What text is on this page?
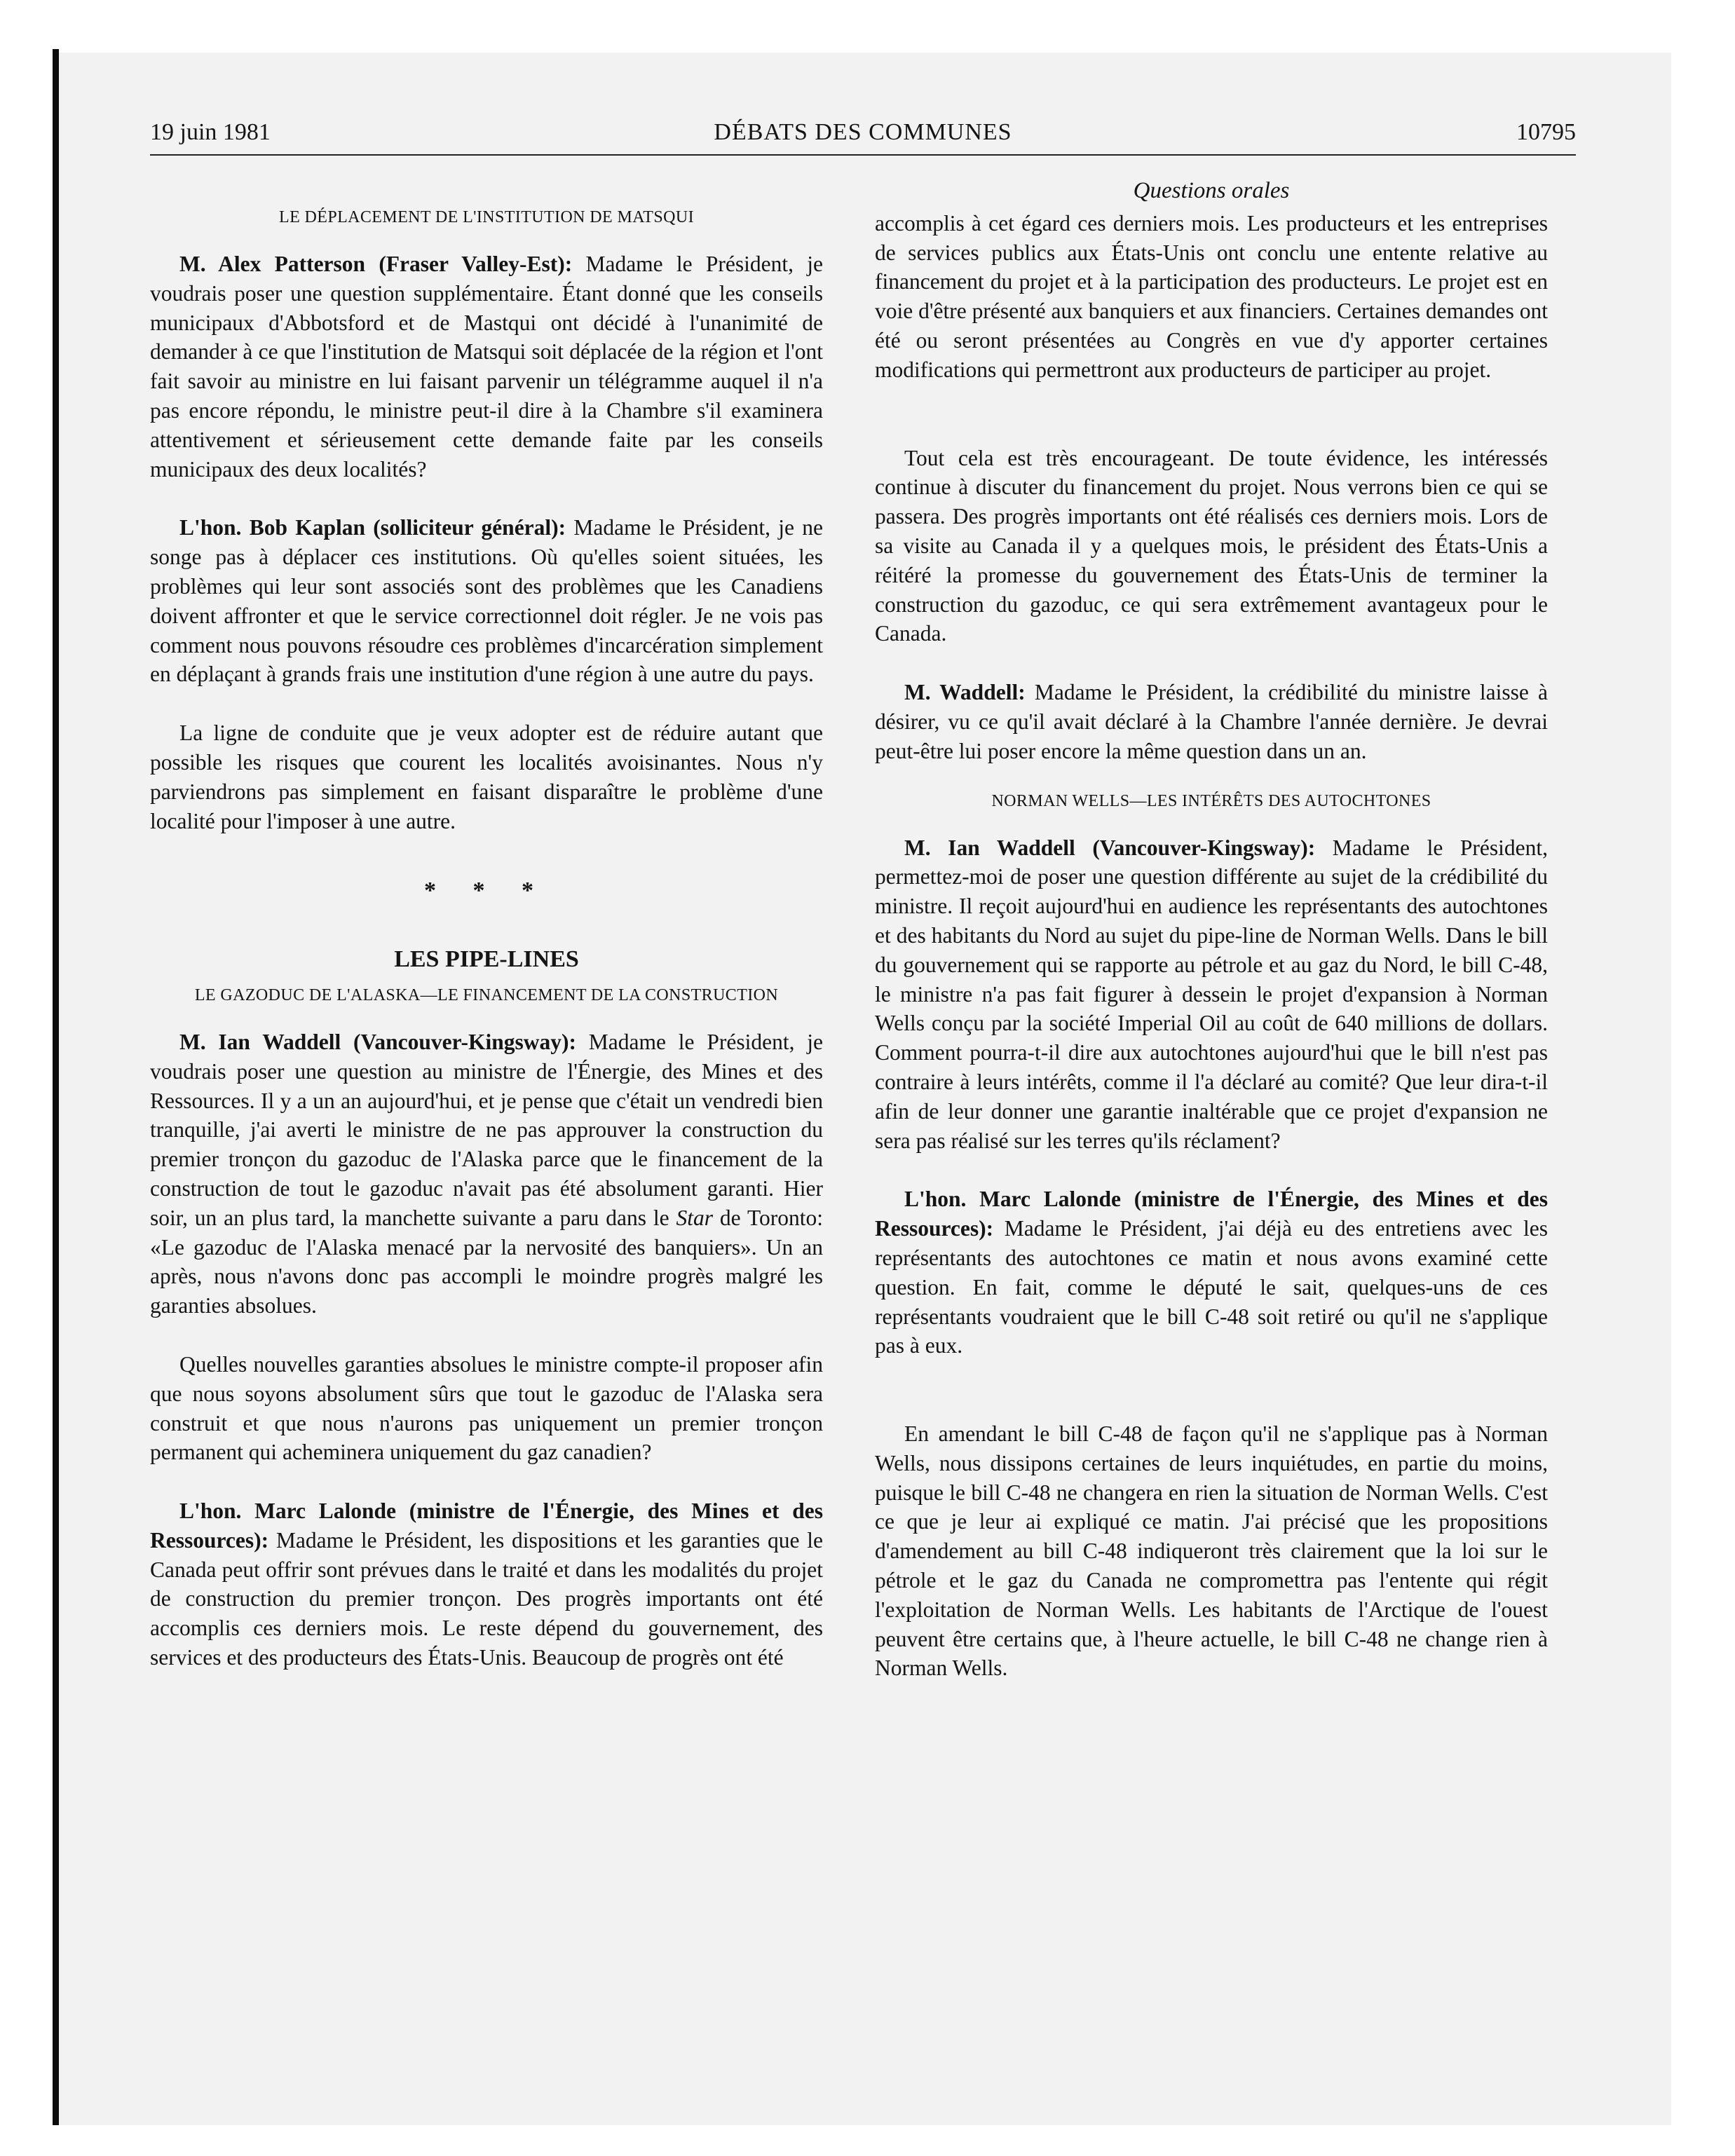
19 juin 1981	DÉBATS DES COMMUNES	10795
LE DÉPLACEMENT DE L'INSTITUTION DE MATSQUI

M. Alex Patterson (Fraser Valley-Est): Madame le Président, je voudrais poser une question supplémentaire. Étant donné que les conseils municipaux d'Abbotsford et de Mastqui ont décidé à l'unanimité de demander à ce que l'institution de Matsqui soit déplacée de la région et l'ont fait savoir au ministre en lui faisant parvenir un télégramme auquel il n'a pas encore répondu, le ministre peut-il dire à la Chambre s'il examinera attentivement et sérieusement cette demande faite par les conseils municipaux des deux localités?

L'hon. Bob Kaplan (solliciteur général): Madame le Président, je ne songe pas à déplacer ces institutions. Où qu'elles soient situées, les problèmes qui leur sont associés sont des problèmes que les Canadiens doivent affronter et que le service correctionnel doit régler. Je ne vois pas comment nous pouvons résoudre ces problèmes d'incarcération simplement en déplaçant à grands frais une institution d'une région à une autre du pays.

La ligne de conduite que je veux adopter est de réduire autant que possible les risques que courent les localités avoisinantes. Nous n'y parviendrons pas simplement en faisant disparaître le problème d'une localité pour l'imposer à une autre.

* * *
LES PIPE-LINES
LE GAZODUC DE L'ALASKA—LE FINANCEMENT DE LA CONSTRUCTION

M. Ian Waddell (Vancouver-Kingsway): Madame le Président, je voudrais poser une question au ministre de l'Énergie, des Mines et des Ressources. Il y a un an aujourd'hui, et je pense que c'était un vendredi bien tranquille, j'ai averti le ministre de ne pas approuver la construction du premier tronçon du gazoduc de l'Alaska parce que le financement de la construction de tout le gazoduc n'avait pas été absolument garanti. Hier soir, un an plus tard, la manchette suivante a paru dans le Star de Toronto: «Le gazoduc de l'Alaska menacé par la nervosité des banquiers». Un an après, nous n'avons donc pas accompli le moindre progrès malgré les garanties absolues.

Quelles nouvelles garanties absolues le ministre compte-il proposer afin que nous soyons absolument sûrs que tout le gazoduc de l'Alaska sera construit et que nous n'aurons pas uniquement un premier tronçon permanent qui acheminera uniquement du gaz canadien?

L'hon. Marc Lalonde (ministre de l'Énergie, des Mines et des Ressources): Madame le Président, les dispositions et les garanties que le Canada peut offrir sont prévues dans le traité et dans les modalités du projet de construction du premier tronçon. Des progrès importants ont été accomplis ces derniers mois. Le reste dépend du gouvernement, des services et des producteurs des États-Unis. Beaucoup de progrès ont été

Questions orales

accomplis à cet égard ces derniers mois. Les producteurs et les entreprises de services publics aux États-Unis ont conclu une entente relative au financement du projet et à la participation des producteurs. Le projet est en voie d'être présenté aux banquiers et aux financiers. Certaines demandes ont été ou seront présentées au Congrès en vue d'y apporter certaines modifications qui permettront aux producteurs de participer au projet.

Tout cela est très encourageant. De toute évidence, les intéressés continue à discuter du financement du projet. Nous verrons bien ce qui se passera. Des progrès importants ont été réalisés ces derniers mois. Lors de sa visite au Canada il y a quelques mois, le président des États-Unis a réitéré la promesse du gouvernement des États-Unis de terminer la construction du gazoduc, ce qui sera extrêmement avantageux pour le Canada.

M. Waddell: Madame le Président, la crédibilité du ministre laisse à désirer, vu ce qu'il avait déclaré à la Chambre l'année dernière. Je devrai peut-être lui poser encore la même question dans un an.

NORMAN WELLS—LES INTÉRÊTS DES AUTOCHTONES

M. Ian Waddell (Vancouver-Kingsway): Madame le Président, permettez-moi de poser une question différente au sujet de la crédibilité du ministre. Il reçoit aujourd'hui en audience les représentants des autochtones et des habitants du Nord au sujet du pipe-line de Norman Wells. Dans le bill du gouvernement qui se rapporte au pétrole et au gaz du Nord, le bill C-48, le ministre n'a pas fait figurer à dessein le projet d'expansion à Norman Wells conçu par la société Imperial Oil au coût de 640 millions de dollars. Comment pourra-t-il dire aux autochtones aujourd'hui que le bill n'est pas contraire à leurs intérêts, comme il l'a déclaré au comité? Que leur dira-t-il afin de leur donner une garantie inaltérable que ce projet d'expansion ne sera pas réalisé sur les terres qu'ils réclament?

L'hon. Marc Lalonde (ministre de l'Énergie, des Mines et des Ressources): Madame le Président, j'ai déjà eu des entretiens avec les représentants des autochtones ce matin et nous avons examiné cette question. En fait, comme le député le sait, quelques-uns de ces représentants voudraient que le bill C-48 soit retiré ou qu'il ne s'applique pas à eux.

En amendant le bill C-48 de façon qu'il ne s'applique pas à Norman Wells, nous dissipons certaines de leurs inquiétudes, en partie du moins, puisque le bill C-48 ne changera en rien la situation de Norman Wells. C'est ce que je leur ai expliqué ce matin. J'ai précisé que les propositions d'amendement au bill C-48 indiqueront très clairement que la loi sur le pétrole et le gaz du Canada ne compromettra pas l'entente qui régit l'exploitation de Norman Wells. Les habitants de l'Arctique de l'ouest peuvent être certains que, à l'heure actuelle, le bill C-48 ne change rien à Norman Wells.
